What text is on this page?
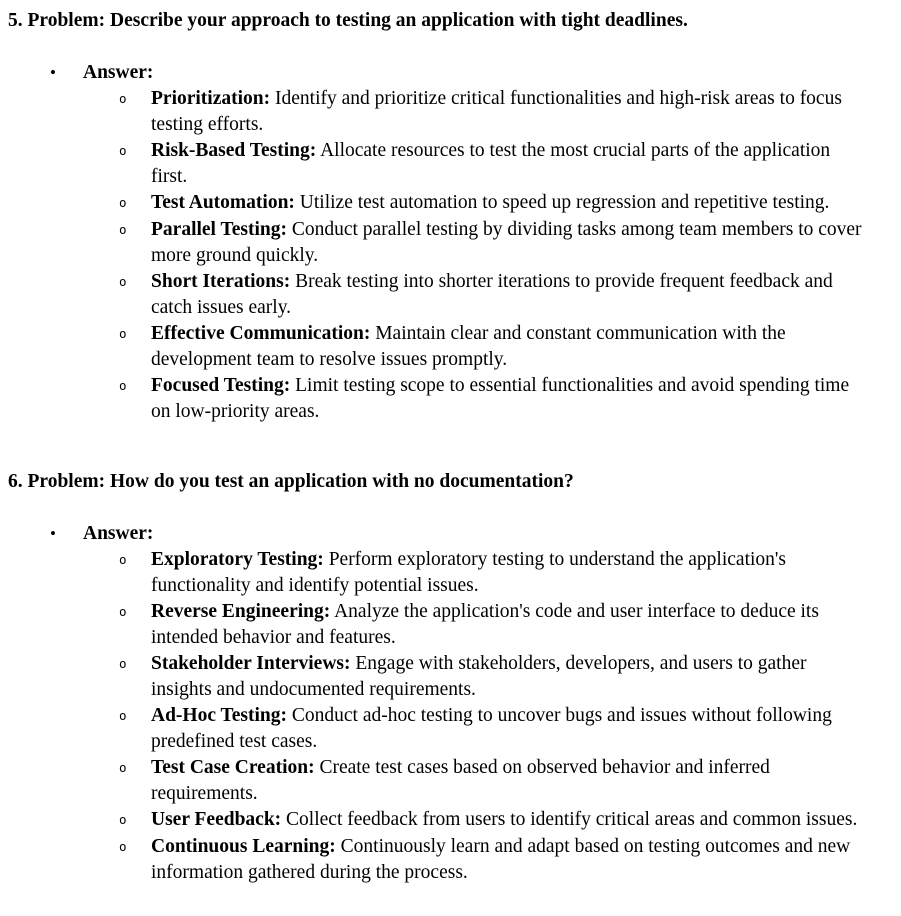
5. Problem: Describe your approach to testing an application with tight deadlines.
•
Answer:
o

Prioritization: Identify and prioritize critical functionalities and high-risk areas to focus testing efforts.

o

Risk-Based Testing: Allocate resources to test the most crucial parts of the application first.

o

Test Automation: Utilize test automation to speed up regression and repetitive testing.

o

Parallel Testing: Conduct parallel testing by dividing tasks among team members to cover more ground quickly.

o

Short Iterations: Break testing into shorter iterations to provide frequent feedback and catch issues early.

o

Effective Communication: Maintain clear and constant communication with the development team to resolve issues promptly.

o

Focused Testing: Limit testing scope to essential functionalities and avoid spending time on low-priority areas.

6. Problem: How do you test an application with no documentation?
•
Answer:
o

Exploratory Testing: Perform exploratory testing to understand the application's functionality and identify potential issues.

o

Reverse Engineering: Analyze the application's code and user interface to deduce its intended behavior and features.

o

Stakeholder Interviews: Engage with stakeholders, developers, and users to gather insights and undocumented requirements.

o

Ad-Hoc Testing: Conduct ad-hoc testing to uncover bugs and issues without following predefined test cases.

o

Test Case Creation: Create test cases based on observed behavior and inferred requirements.

o

User Feedback: Collect feedback from users to identify critical areas and common issues.

o

Continuous Learning: Continuously learn and adapt based on testing outcomes and new information gathered during the process.
